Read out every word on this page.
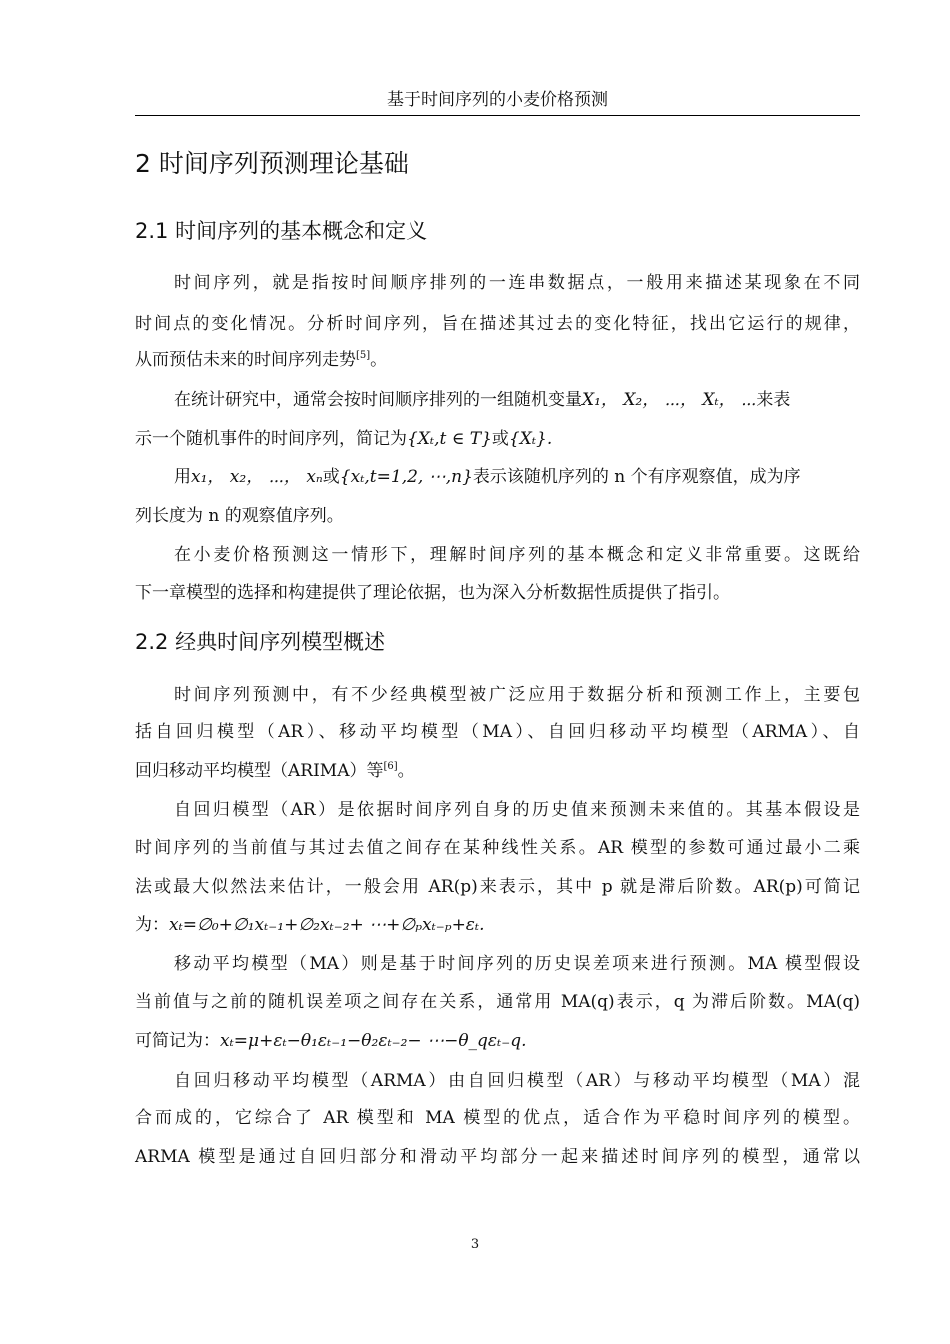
基于时间序列的小麦价格预测
2 时间序列预测理论基础
2.1 时间序列的基本概念和定义
时间序列，就是指按时间顺序排列的一连串数据点，一般用来描述某现象在不同
时间点的变化情况。分析时间序列，旨在描述其过去的变化特征，找出它运行的规律，
从而预估未来的时间序列走势[5]。
在统计研究中，通常会按时间顺序排列的一组随机变量X₁， X₂， ⋯， Xₜ， ⋯来表
示一个随机事件的时间序列，简记为{Xₜ,t ∈ T}或{Xₜ}.
用x₁， x₂， ⋯， xₙ或{xₜ,t=1,2, ⋯,n}表示该随机序列的 n 个有序观察值，成为序
列长度为 n 的观察值序列。
在小麦价格预测这一情形下，理解时间序列的基本概念和定义非常重要。这既给
下一章模型的选择和构建提供了理论依据，也为深入分析数据性质提供了指引。
2.2 经典时间序列模型概述
时间序列预测中，有不少经典模型被广泛应用于数据分析和预测工作上，主要包
括自回归模型（AR）、移动平均模型（MA）、自回归移动平均模型（ARMA）、自
回归移动平均模型（ARIMA）等[6]。
自回归模型（AR）是依据时间序列自身的历史值来预测未来值的。其基本假设是
时间序列的当前值与其过去值之间存在某种线性关系。AR 模型的参数可通过最小二乘
法或最大似然法来估计，一般会用 AR(p)来表示，其中 p 就是滞后阶数。AR(p)可简记
为：xₜ=∅₀+∅₁xₜ₋₁+∅₂xₜ₋₂+ ⋯+∅ₚxₜ₋ₚ+εₜ.
移动平均模型（MA）则是基于时间序列的历史误差项来进行预测。MA 模型假设
当前值与之前的随机误差项之间存在关系，通常用 MA(q)表示，q 为滞后阶数。MA(q)
可简记为：xₜ=μ+εₜ−θ₁εₜ₋₁−θ₂εₜ₋₂− ⋯−θ_qεₜ₋q.
自回归移动平均模型（ARMA）由自回归模型（AR）与移动平均模型（MA）混
合而成的，它综合了 AR 模型和 MA 模型的优点，适合作为平稳时间序列的模型。
ARMA 模型是通过自回归部分和滑动平均部分一起来描述时间序列的模型，通常以
3
